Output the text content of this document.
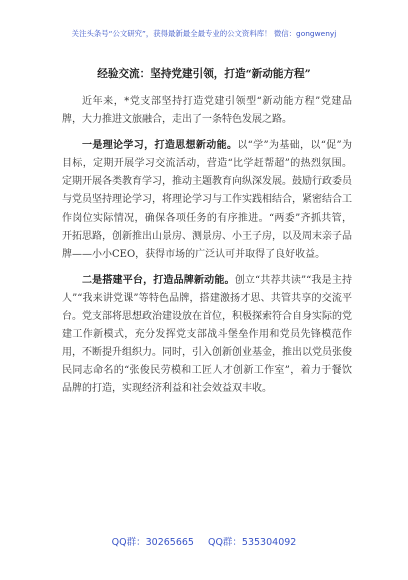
关注头条号“公文研究”，获得最新最全最专业的公文资料库！ 微信：gongwenyj
经验交流：坚持党建引领，打造“新动能方程”

近年来，*党支部坚持打造党建引领型“新动能方程”党建品牌，大力推进文旅融合，走出了一条特色发展之路。

一是理论学习，打造思想新动能。以“学”为基础，以“促”为目标，定期开展学习交流活动，营造“比学赶帮超”的热烈氛围。定期开展各类教育学习，推动主题教育向纵深发展。鼓励行政委员与党员坚持理论学习，将理论学习与工作实践相结合，紧密结合工作岗位实际情况，确保各项任务的有序推进。“两委”齐抓共管，开拓思路，创新推出山景房、测景房、小王子房，以及周末亲子品牌——小小CEO，获得市场的广泛认可并取得了良好收益。

二是搭建平台，打造品牌新动能。创立“共荐共读”“我是主持人”“我来讲党课”等特色品牌，搭建激扬才思、共管共享的交流平台。党支部将思想政治建设放在首位，积极探索符合自身实际的党建工作新模式，充分发挥党支部战斗堡垒作用和党员先锋模范作用，不断提升组织力。同时，引入创新创业基金，推出以党员张俊民同志命名的“张俊民劳模和工匠人才创新工作室”，着力于餐饮品牌的打造，实现经济利益和社会效益双丰收。

QQ群：30265665 QQ群：535304092
